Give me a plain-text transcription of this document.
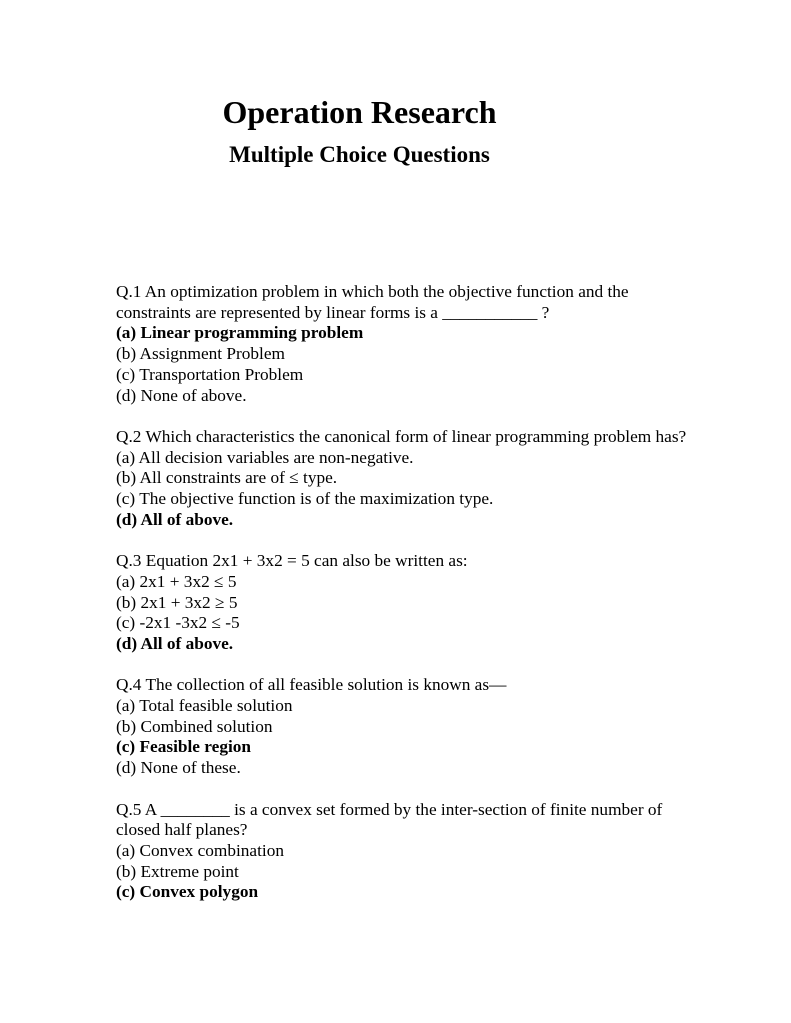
Operation Research
Multiple Choice Questions

Q.1 An optimization problem in which both the objective function and the constraints are represented by linear forms is a ___________ ?

(a) Linear programming problem

(b) Assignment Problem

(c) Transportation Problem

(d) None of above.

Q.2 Which characteristics the canonical form of linear programming problem has?

(a) All decision variables are non-negative.

(b) All constraints are of ≤ type.

(c) The objective function is of the maximization type.

(d) All of above.

Q.3 Equation 2x1 + 3x2 = 5 can also be written as:

(a) 2x1 + 3x2 ≤ 5

(b) 2x1 + 3x2 ≥ 5

(c) -2x1 -3x2 ≤ -5

(d) All of above.

Q.4 The collection of all feasible solution is known as—

(a) Total feasible solution

(b) Combined solution

(c) Feasible region

(d) None of these.

Q.5 A ________ is a convex set formed by the inter-section of finite number of closed half planes?

(a) Convex combination

(b) Extreme point

(c) Convex polygon
